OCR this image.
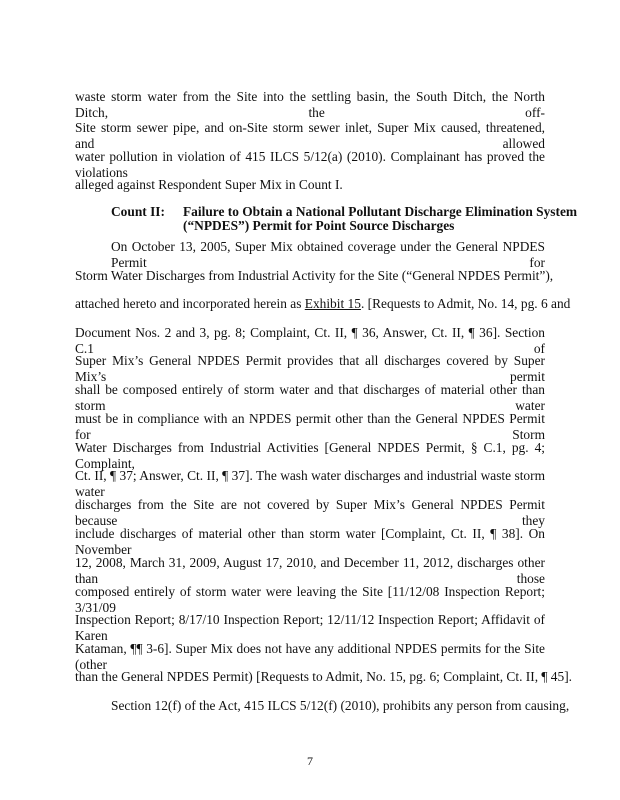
waste storm water from the Site into the settling basin, the South Ditch, the North Ditch, the off-
Site storm sewer pipe, and on-Site storm sewer inlet, Super Mix caused, threatened, and allowed
water pollution in violation of 415 ILCS 5/12(a) (2010). Complainant has proved the violations
alleged against Respondent Super Mix in Count I.
Count II: Failure to Obtain a National Pollutant Discharge Elimination System
(“NPDES”) Permit for Point Source Discharges
On October 13, 2005, Super Mix obtained coverage under the General NPDES Permit for
Storm Water Discharges from Industrial Activity for the Site (“General NPDES Permit”),
attached hereto and incorporated herein as Exhibit 15. [Requests to Admit, No. 14, pg. 6 and
Document Nos. 2 and 3, pg. 8; Complaint, Ct. II, ¶ 36, Answer, Ct. II, ¶ 36]. Section C.1 of
Super Mix’s General NPDES Permit provides that all discharges covered by Super Mix’s permit
shall be composed entirely of storm water and that discharges of material other than storm water
must be in compliance with an NPDES permit other than the General NPDES Permit for Storm
Water Discharges from Industrial Activities [General NPDES Permit, § C.1, pg. 4; Complaint,
Ct. II, ¶ 37; Answer, Ct. II, ¶ 37]. The wash water discharges and industrial waste storm water
discharges from the Site are not covered by Super Mix’s General NPDES Permit because they
include discharges of material other than storm water [Complaint, Ct. II, ¶ 38]. On November
12, 2008, March 31, 2009, August 17, 2010, and December 11, 2012, discharges other than those
composed entirely of storm water were leaving the Site [11/12/08 Inspection Report; 3/31/09
Inspection Report; 8/17/10 Inspection Report; 12/11/12 Inspection Report; Affidavit of Karen
Kataman, ¶¶ 3-6]. Super Mix does not have any additional NPDES permits for the Site (other
than the General NPDES Permit) [Requests to Admit, No. 15, pg. 6; Complaint, Ct. II, ¶ 45].
Section 12(f) of the Act, 415 ILCS 5/12(f) (2010), prohibits any person from causing,
7
